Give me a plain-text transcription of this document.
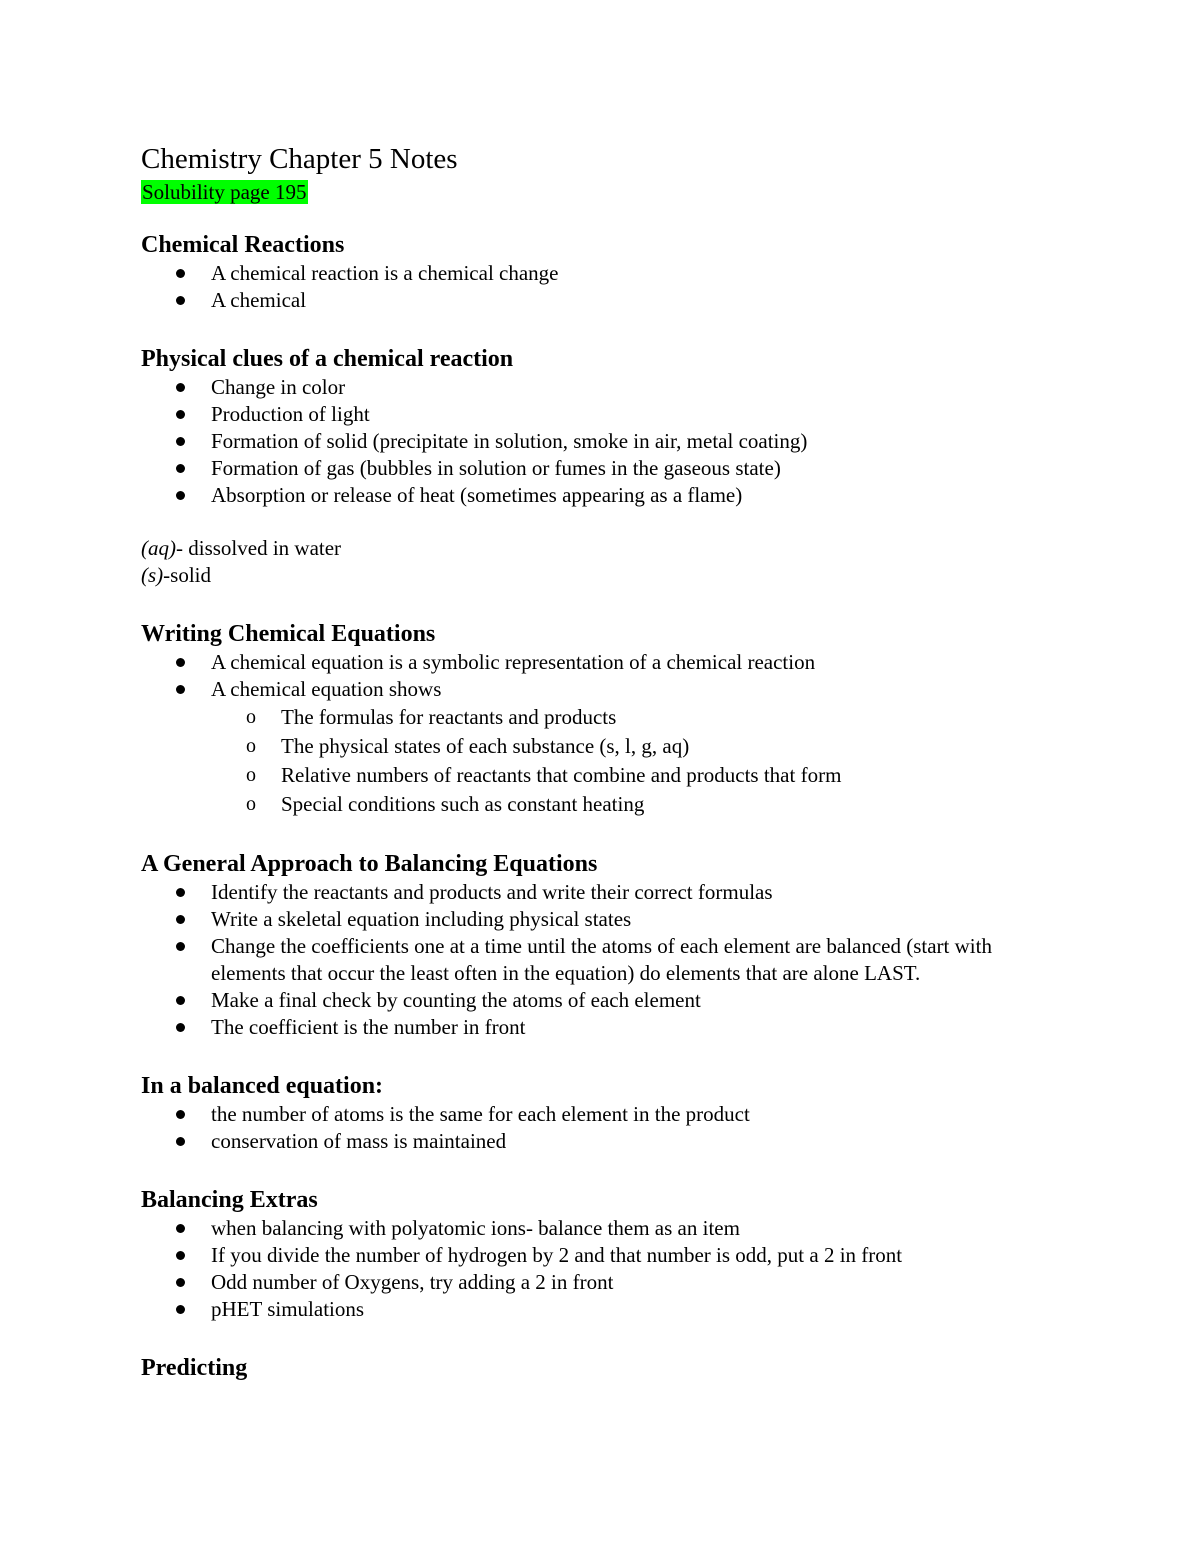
Chemistry Chapter 5 Notes

Solubility page 195

Chemical Reactions
A chemical reaction is a chemical change
A chemical
Physical clues of a chemical reaction
Change in color
Production of light
Formation of solid (precipitate in solution, smoke in air, metal coating)
Formation of gas (bubbles in solution or fumes in the gaseous state)
Absorption or release of heat (sometimes appearing as a flame)

(aq)- dissolved in water

(s)-solid

Writing Chemical Equations
A chemical equation is a symbolic representation of a chemical reaction
A chemical equation shows
o The formulas for reactants and products
o The physical states of each substance (s, l, g, aq)
o Relative numbers of reactants that combine and products that form
o Special conditions such as constant heating
A General Approach to Balancing Equations
Identify the reactants and products and write their correct formulas
Write a skeletal equation including physical states
Change the coefficients one at a time until the atoms of each element are balanced (start with elements that occur the least often in the equation) do elements that are alone LAST.
Make a final check by counting the atoms of each element
The coefficient is the number in front
In a balanced equation:
the number of atoms is the same for each element in the product
conservation of mass is maintained
Balancing Extras
when balancing with polyatomic ions- balance them as an item
If you divide the number of hydrogen by 2 and that number is odd, put a 2 in front
Odd number of Oxygens, try adding a 2 in front
pHET simulations
Predicting
